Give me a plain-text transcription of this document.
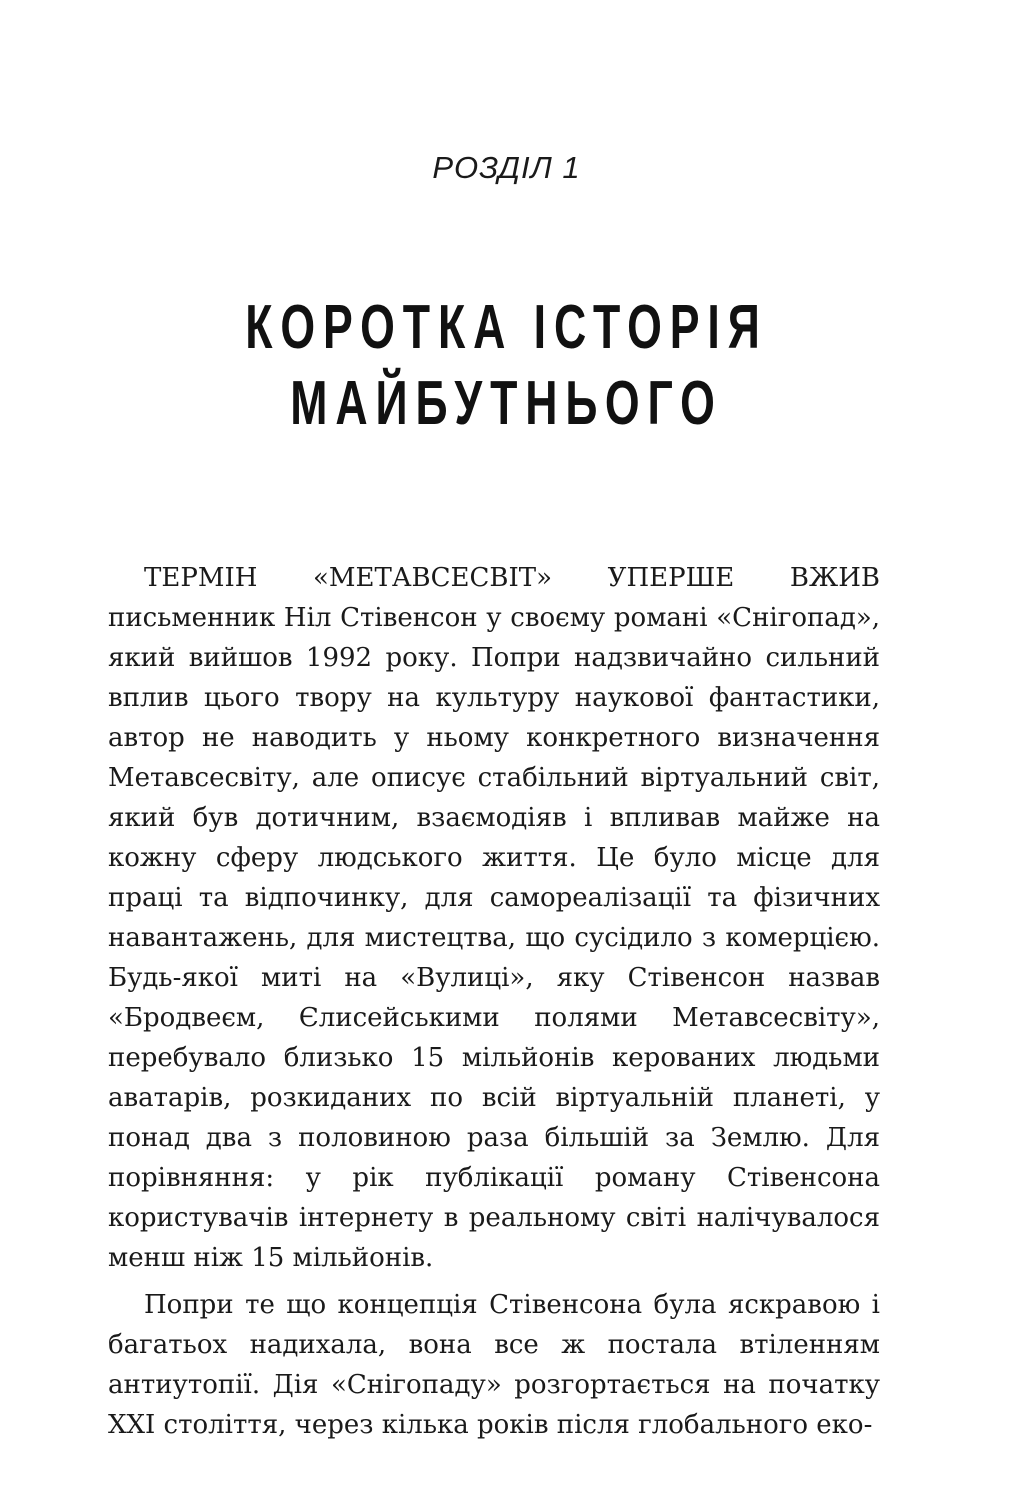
РОЗДІЛ 1
КОРОТКА ІСТОРІЯ
МАЙБУТНЬОГО

ТЕРМІН «МЕТАВСЕСВІТ» УПЕРШЕ ВЖИВ письменник Ніл Стівенсон у своєму романі «Снігопад», який вийшов 1992 року. Попри надзвичайно сильний вплив цього твору на культуру наукової фантастики, автор не наводить у ньому конкретного визначення Метавсесвіту, але описує стабільний віртуальний світ, який був дотичним, взаємодіяв і впливав майже на кожну сферу людського життя. Це було місце для праці та відпочинку, для самореалізації та фізичних навантажень, для мистецтва, що сусідило з комерцією. Будь-якої миті на «Вулиці», яку Стівенсон назвав «Бродвеєм, Єлисейськими полями Метавсесвіту», перебувало близько 15 мільйонів керованих людьми аватарів, розкиданих по всій віртуальній планеті, у понад два з половиною раза більшій за Землю. Для порівняння: у рік публікації роману Стівенсона користувачів інтернету в реальному світі налічувалося менш ніж 15 мільйонів.

Попри те що концепція Стівенсона була яскравою і багатьох надихала, вона все ж постала втіленням антиутопії. Дія «Снігопаду» розгортається на початку XXI століття, через кілька років після глобального еко-
